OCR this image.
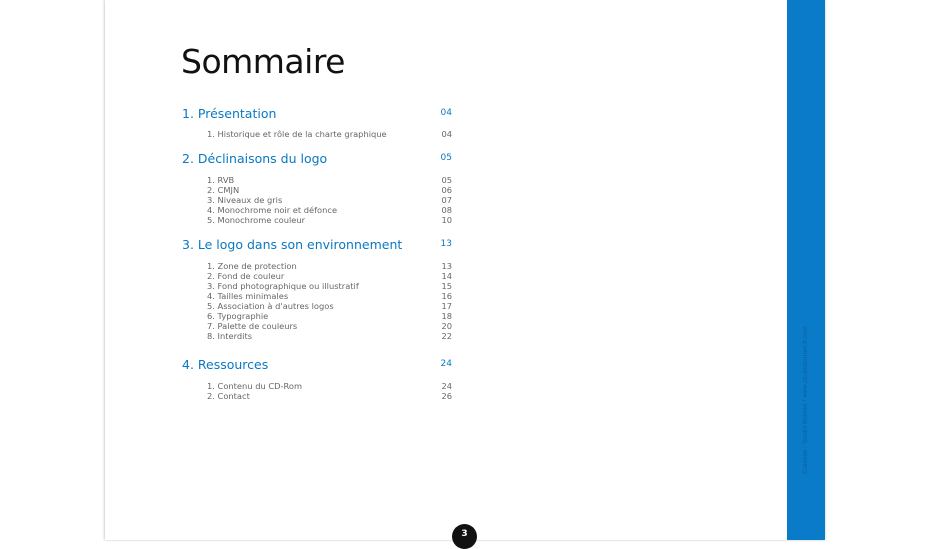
Création : Studio Bornéo / www.studioborneo.fr.com
Sommaire
1. Présentation	04
1. Historique et rôle de la charte graphique	04
2. Déclinaisons du logo	05
1. RVB	05
2. CMJN	06
3. Niveaux de gris	07
4. Monochrome noir et défonce	08
5. Monochrome couleur	10
3. Le logo dans son environnement	13
1. Zone de protection	13
2. Fond de couleur	14
3. Fond photographique ou illustratif	15
4. Tailles minimales	16
5. Association à d'autres logos	17
6. Typographie	18
7. Palette de couleurs	20
8. Interdits	22
4. Ressources	24
1. Contenu du CD-Rom	24
2. Contact	26
3
